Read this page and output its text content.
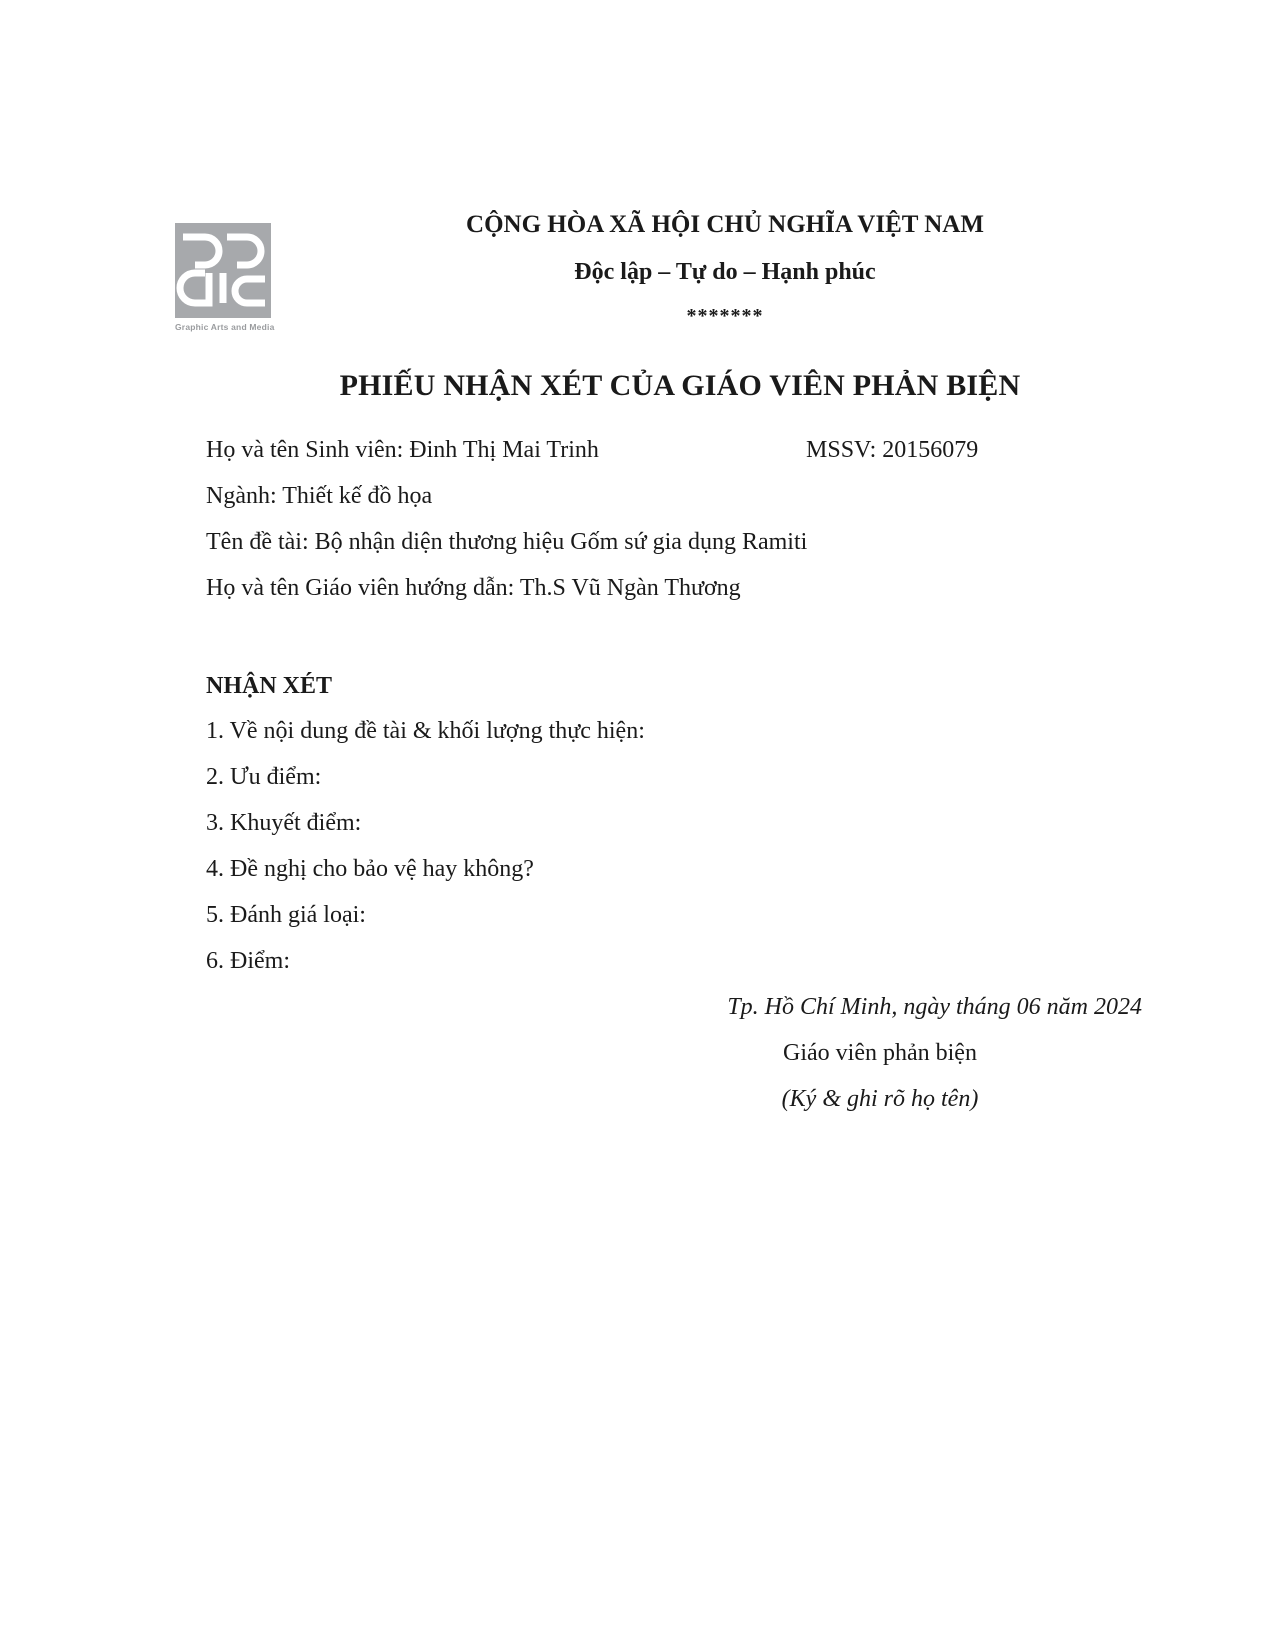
Graphic Arts and Media
CỘNG HÒA XÃ HỘI CHỦ NGHĨA VIỆT NAM
Độc lập – Tự do – Hạnh phúc
*******
PHIẾU NHẬN XÉT CỦA GIÁO VIÊN PHẢN BIỆN
Họ và tên Sinh viên: Đinh Thị Mai Trinh	MSSV: 20156079
Ngành: Thiết kế đồ họa
Tên đề tài: Bộ nhận diện thương hiệu Gốm sứ gia dụng Ramiti
Họ và tên Giáo viên hướng dẫn: Th.S Vũ Ngàn Thương
NHẬN XÉT
1. Về nội dung đề tài & khối lượng thực hiện:
2. Ưu điểm:
3. Khuyết điểm:
4. Đề nghị cho bảo vệ hay không?
5. Đánh giá loại:
6. Điểm:
Tp. Hồ Chí Minh, ngày tháng 06 năm 2024
Giáo viên phản biện
(Ký & ghi rõ họ tên)
